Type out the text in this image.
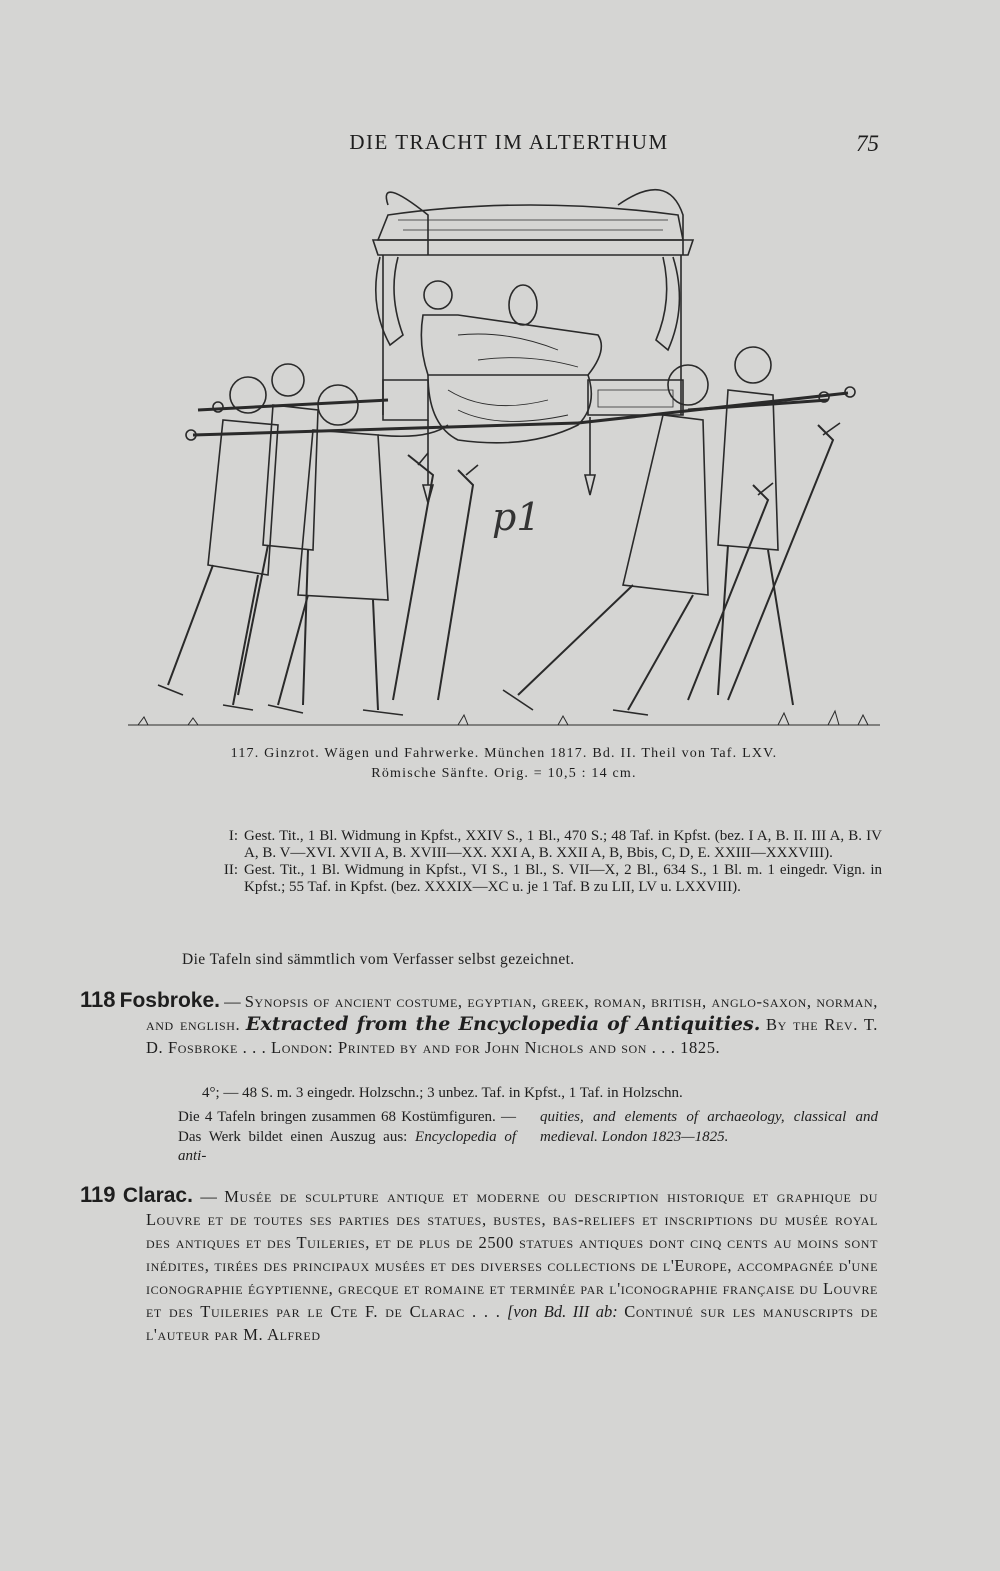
DIE TRACHT IM ALTERTHUM	75
p1
117. Ginzrot. Wägen und Fahrwerke. München 1817. Bd. II. Theil von Taf. LXV.
Römische Sänfte. Orig. = 10,5 : 14 cm.
I: Gest. Tit., 1 Bl. Widmung in Kpfst., XXIV S., 1 Bl., 470 S.; 48 Taf. in Kpfst. (bez. I A, B. II. III A, B. IV A, B. V—XVI. XVII A, B. XVIII—XX. XXI A, B. XXII A, B, Bbis, C, D, E. XXIII—XXXVIII).
II: Gest. Tit., 1 Bl. Widmung in Kpfst., VI S., 1 Bl., S. VII—X, 2 Bl., 634 S., 1 Bl. m. 1 eingedr. Vign. in Kpfst.; 55 Taf. in Kpfst. (bez. XXXIX—XC u. je 1 Taf. B zu LII, LV u. LXXVIII).
Die Tafeln sind sämmtlich vom Verfasser selbst gezeichnet.
118 Fosbroke. — Synopsis of ancient costume, egyptian, greek, roman, british, anglo-saxon, norman, and english. Extracted from the Encyclopedia of Antiquities. By the Rev. T. D. Fosbroke . . . London: Printed by and for John Nichols and son . . . 1825.
4°; — 48 S. m. 3 eingedr. Holzschn.; 3 unbez. Taf. in Kpfst., 1 Taf. in Holzschn.
Die 4 Tafeln bringen zusammen 68 Kostümfiguren. — Das Werk bildet einen Auszug aus: Encyclopedia of anti-
quities, and elements of archaeology, classical and medieval. London 1823—1825.
119 Clarac. — Musée de sculpture antique et moderne ou description historique et graphique du Louvre et de toutes ses parties des statues, bustes, bas-reliefs et inscriptions du musée royal des antiques et des Tuileries, et de plus de 2500 statues antiques dont cinq cents au moins sont inédites, tirées des principaux musées et des diverses collections de l'Europe, accompagnée d'une iconographie égyptienne, grecque et romaine et terminée par l'iconographie française du Louvre et des Tuileries par le Cte F. de Clarac . . . [von Bd. III ab: Continué sur les manuscripts de l'auteur par M. Alfred
